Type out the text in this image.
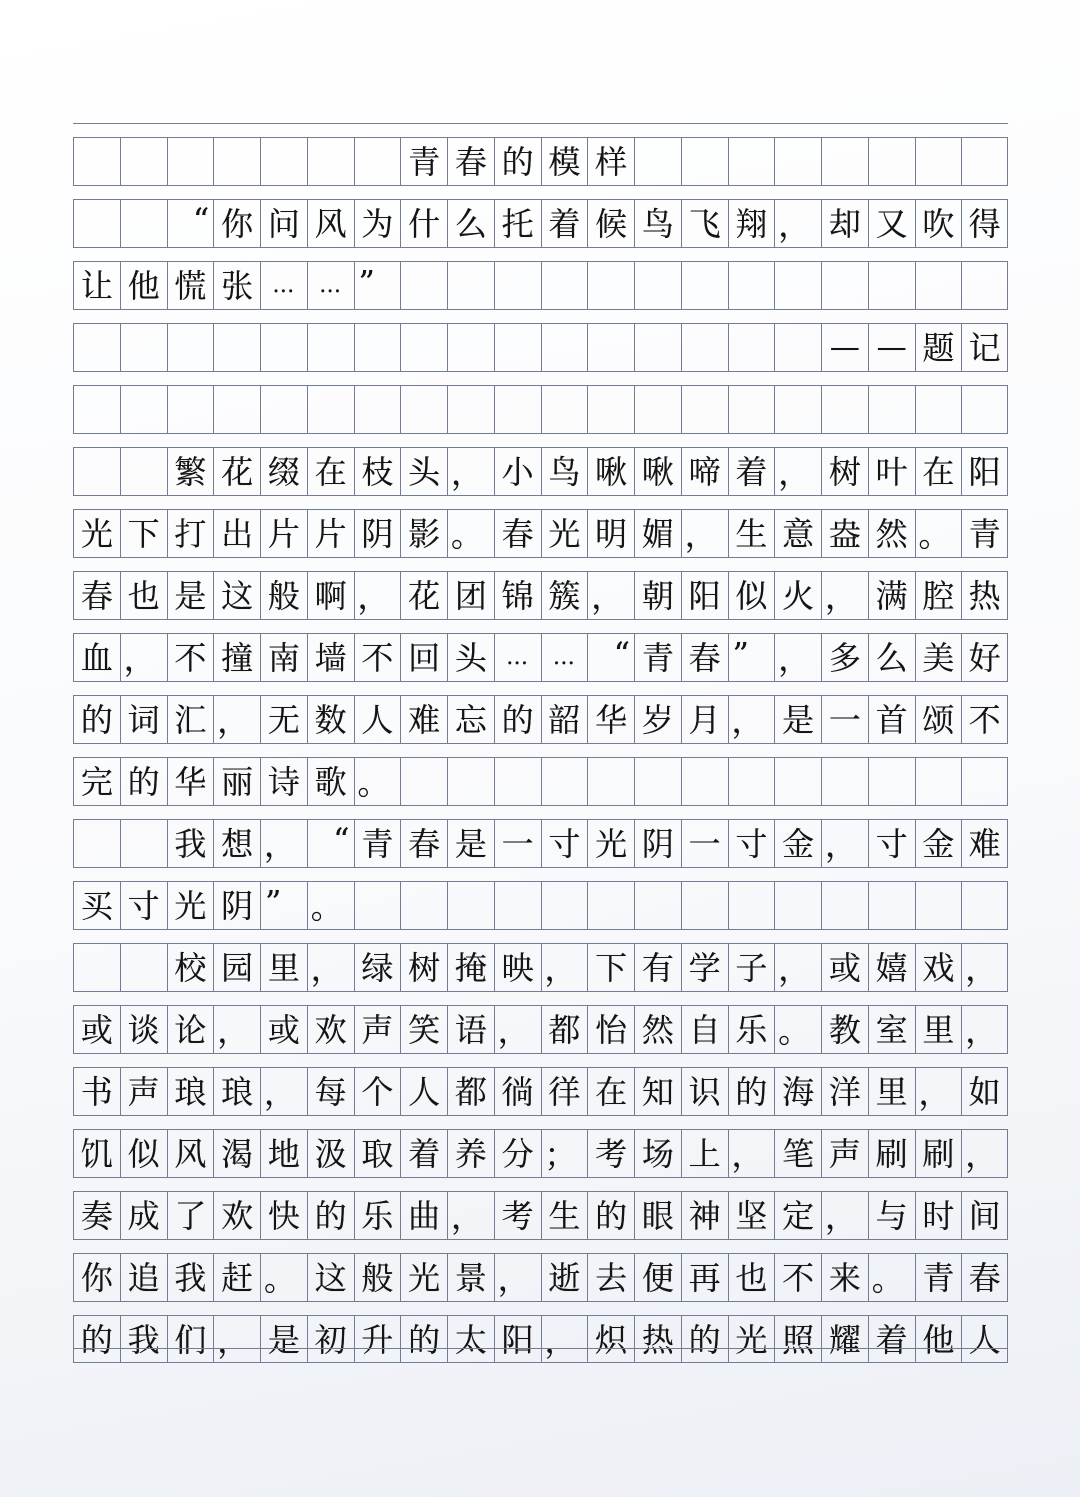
青 春 的 模 样
“ 你 问 风 为 什 么 托 着 候 鸟 飞 翔 ， 却 又 吹 得
让 他 慌 张 …	… ”
— — 题 记
繁 花 缀 在 枝 头 ， 小 鸟 啾 啾 啼 着 ， 树 叶 在 阳
光 下 打 出 片 片 阴 影 。 春 光 明 媚 ， 生 意 盎 然 。 青
春 也 是 这 般 啊 ， 花 团 锦 簇 ， 朝 阳 似 火 ， 满 腔 热
血 ， 不 撞 南 墙 不 回 头 …	…	“ 青 春 ” ， 多 么 美 好
的 词 汇 ， 无 数 人 难 忘 的 韶 华 岁 月 ， 是 一 首 颂 不
完 的 华 丽 诗 歌 。
我 想 ，	“ 青 春 是 一 寸 光 阴 一 寸 金 ， 寸 金 难
买 寸 光 阴 ” 。
校 园 里 ， 绿 树 掩 映 ， 下 有 学 子 ， 或 嬉 戏 ，
或 谈 论 ， 或 欢 声 笑 语 ， 都 怡 然 自 乐 。 教 室 里 ，
书 声 琅 琅 ， 每 个 人 都 徜 徉 在 知 识 的 海 洋 里 ， 如
饥 似 风 渴 地 汲 取 着 养 分 ； 考 场 上 ， 笔 声 刷 刷 ，
奏 成 了 欢 快 的 乐 曲 ， 考 生 的 眼 神 坚 定 ， 与 时 间
你 追 我 赶 。 这 般 光 景 ， 逝 去 便 再 也 不 来 。 青 春
的 我 们 ， 是 初 升 的 太 阳 ， 炽 热 的 光 照 耀 着 他 人
